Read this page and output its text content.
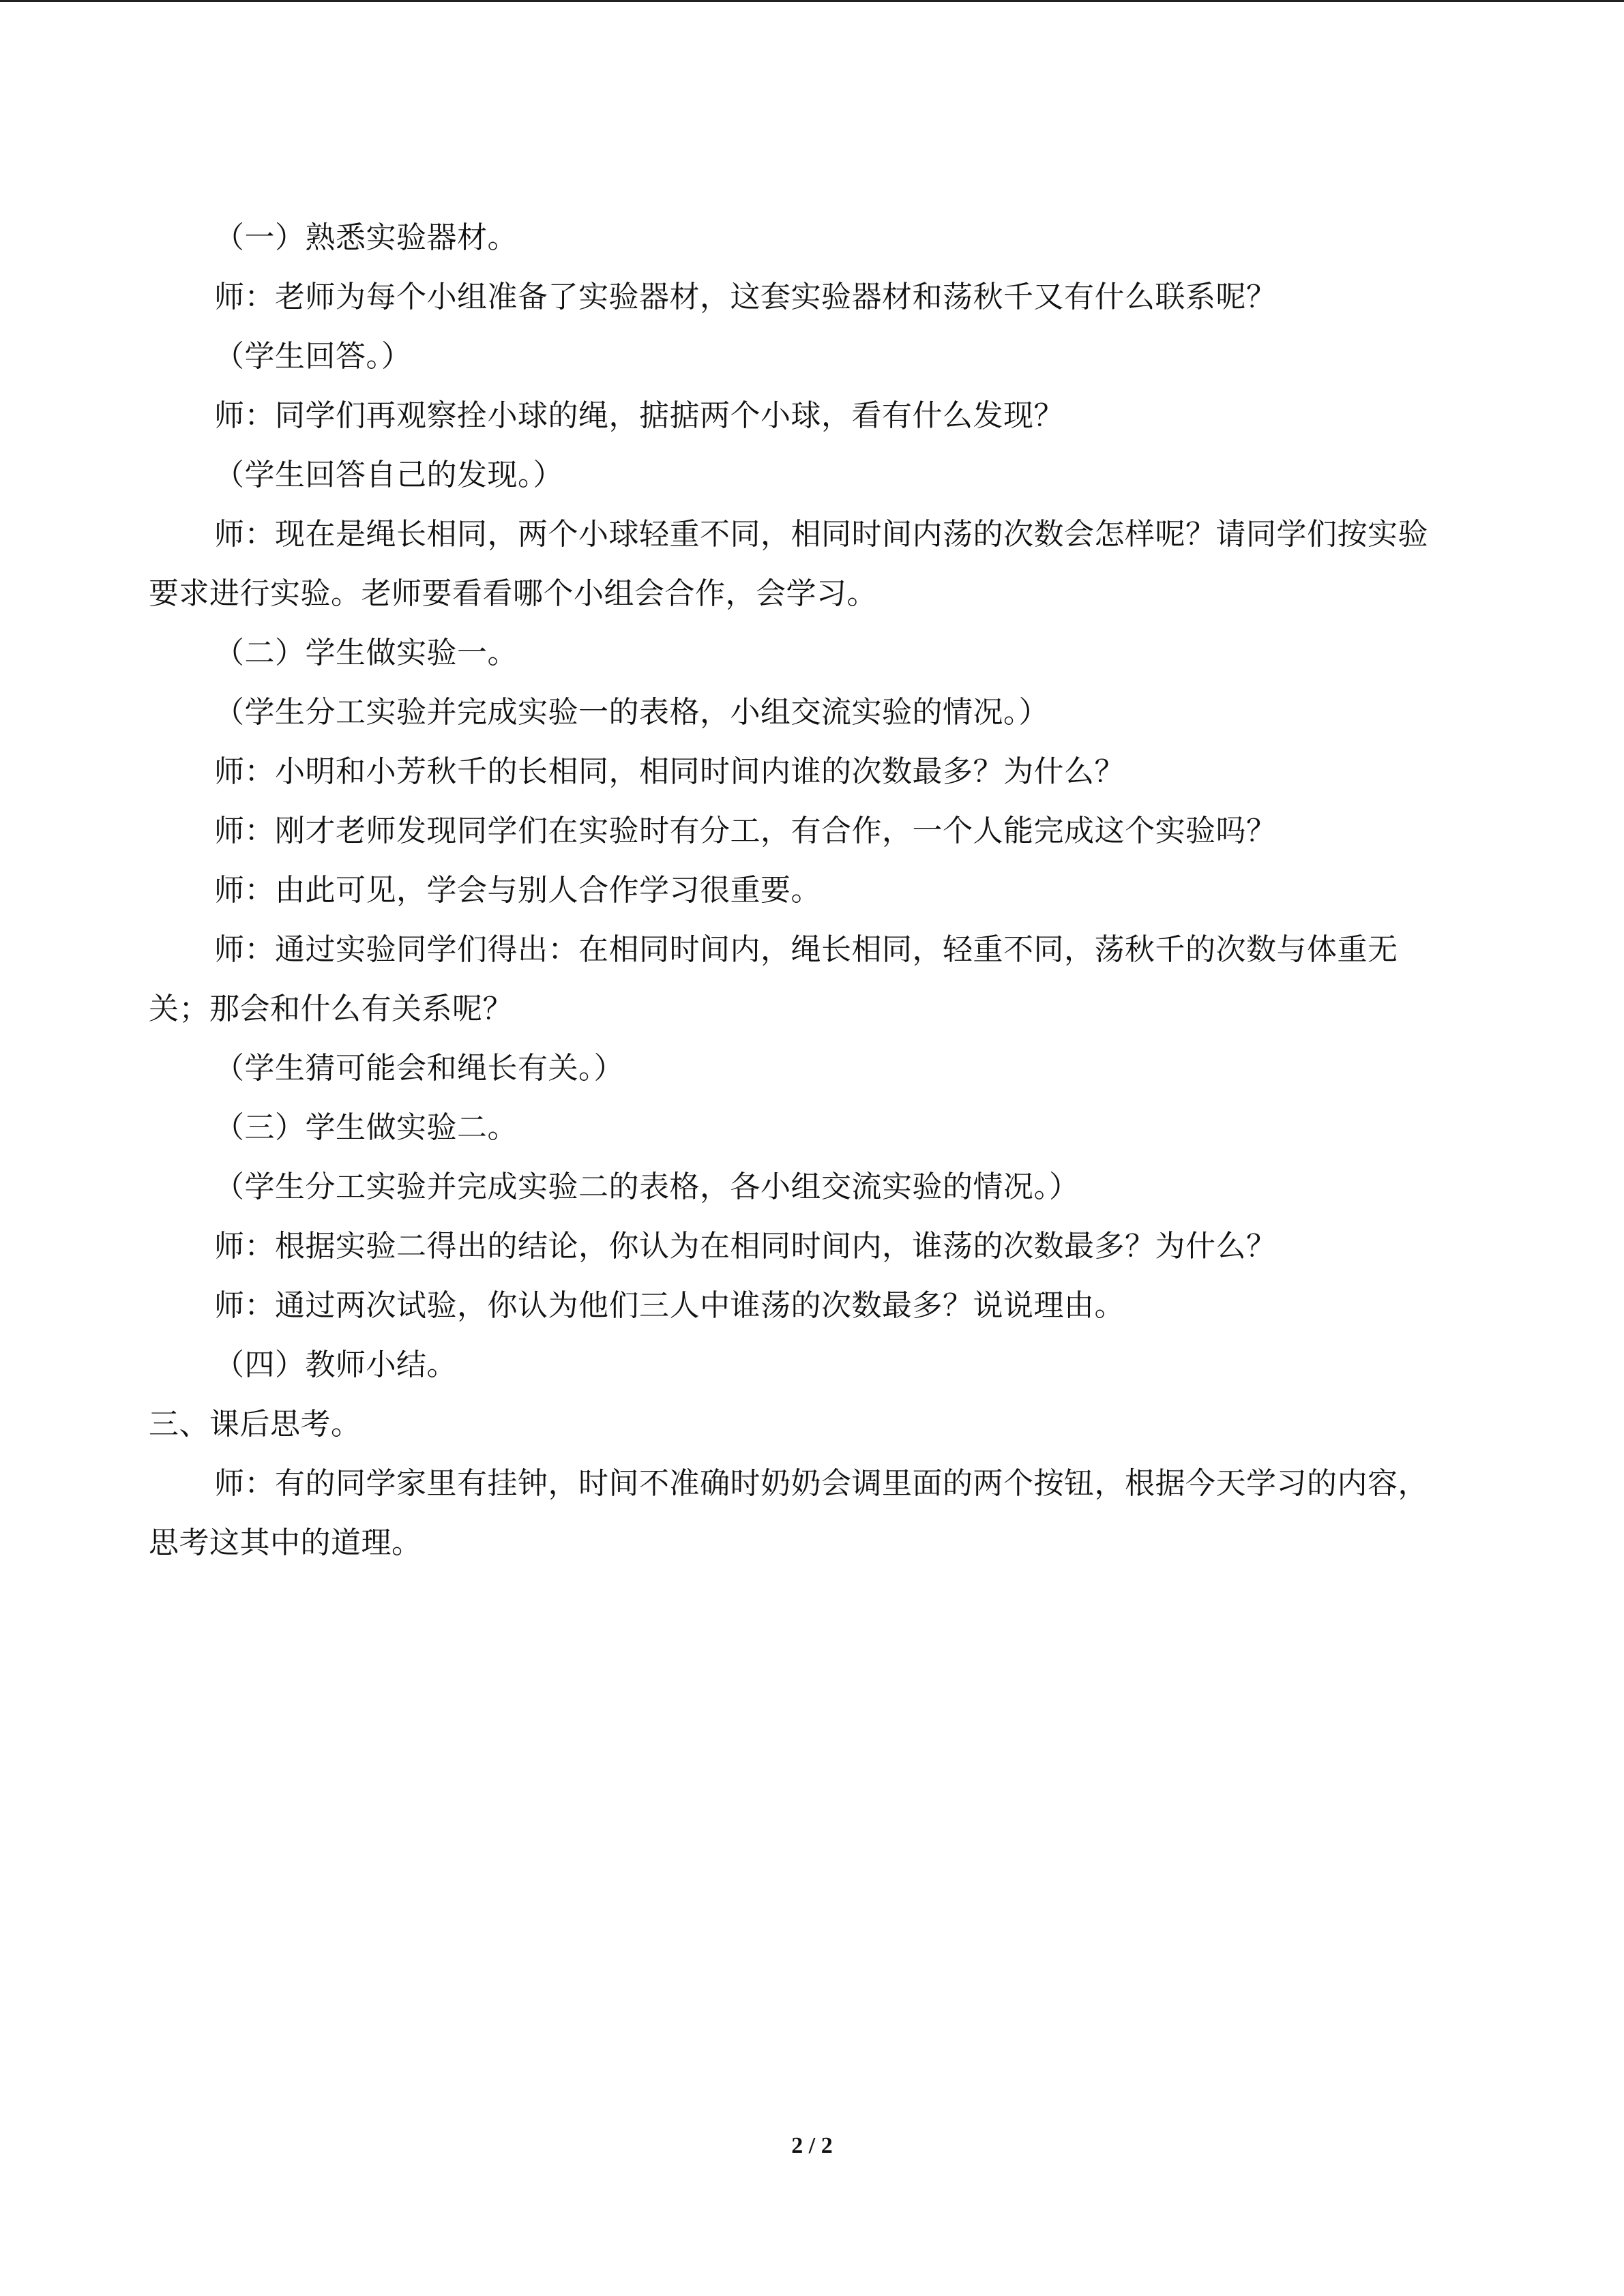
（一）熟悉实验器材。

师：老师为每个小组准备了实验器材，这套实验器材和荡秋千又有什么联系呢？

（学生回答。）

师：同学们再观察拴小球的绳，掂掂两个小球，看有什么发现？

（学生回答自己的发现。）

师：现在是绳长相同，两个小球轻重不同，相同时间内荡的次数会怎样呢？请同学们按实验要求进行实验。老师要看看哪个小组会合作，会学习。

（二）学生做实验一。

（学生分工实验并完成实验一的表格，小组交流实验的情况。）

师：小明和小芳秋千的长相同，相同时间内谁的次数最多？为什么？

师：刚才老师发现同学们在实验时有分工，有合作，一个人能完成这个实验吗？

师：由此可见，学会与别人合作学习很重要。

师：通过实验同学们得出：在相同时间内，绳长相同，轻重不同，荡秋千的次数与体重无关；那会和什么有关系呢？

（学生猜可能会和绳长有关。）

（三）学生做实验二。

（学生分工实验并完成实验二的表格，各小组交流实验的情况。）

师：根据实验二得出的结论，你认为在相同时间内，谁荡的次数最多？为什么？

师：通过两次试验，你认为他们三人中谁荡的次数最多？说说理由。

（四）教师小结。

三、课后思考。

师：有的同学家里有挂钟，时间不准确时奶奶会调里面的两个按钮，根据今天学习的内容，思考这其中的道理。

2 / 2
